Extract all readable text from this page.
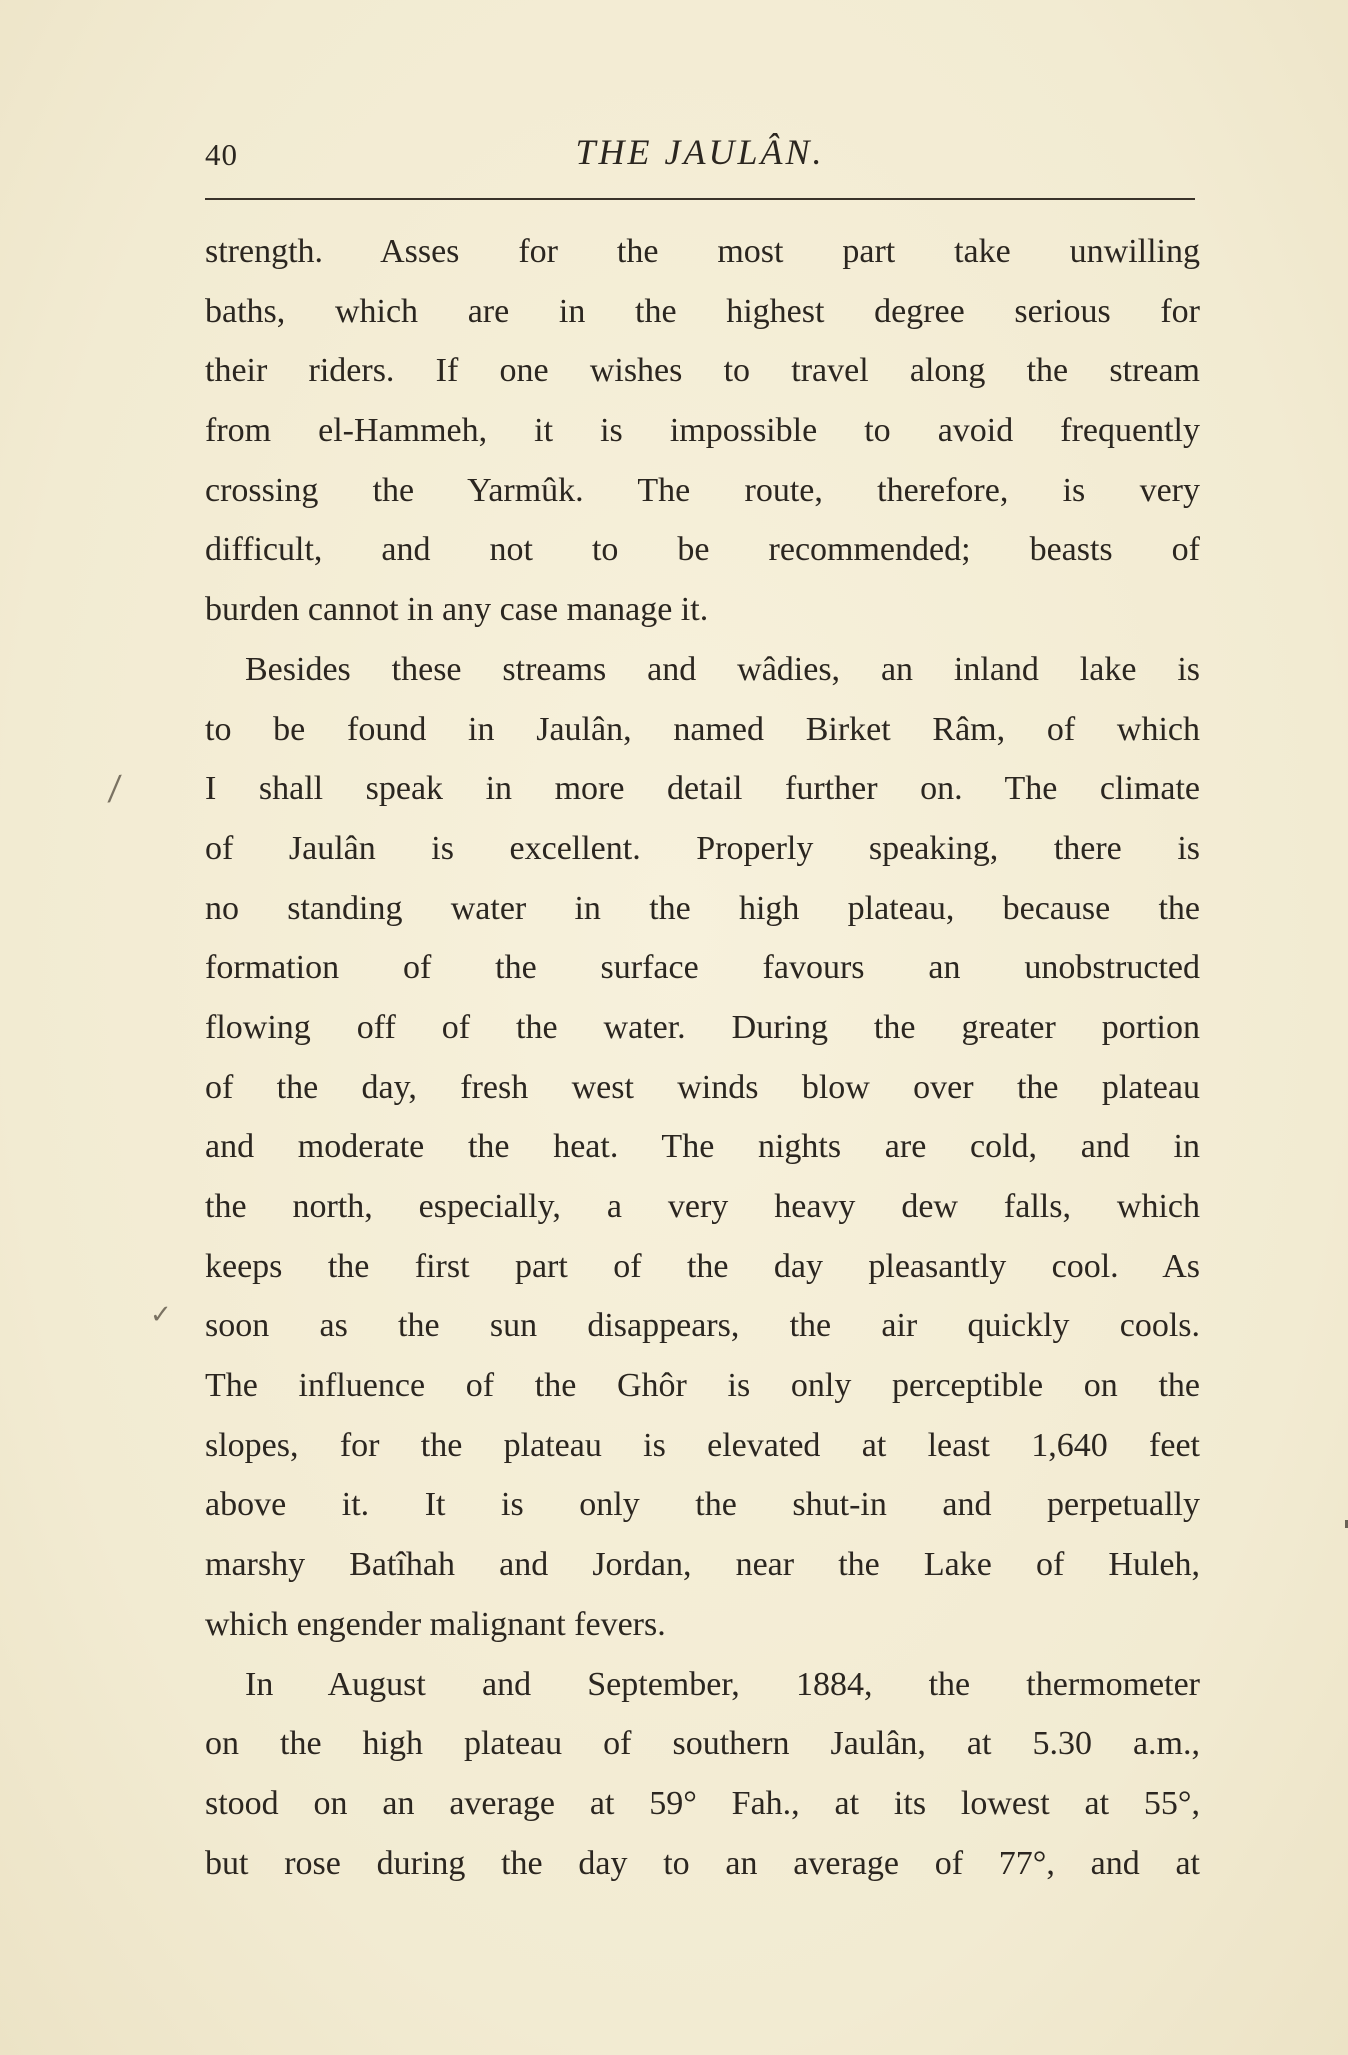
40	THE JAULÂN.
strength. Asses for the most part take unwilling
baths, which are in the highest degree serious for
their riders. If one wishes to travel along the stream
from el-Hammeh, it is impossible to avoid frequently
crossing the Yarmûk. The route, therefore, is very
difficult, and not to be recommended; beasts of
burden cannot in any case manage it.
Besides these streams and wâdies, an inland lake is
to be found in Jaulân, named Birket Râm, of which
I shall speak in more detail further on. The climate
of Jaulân is excellent. Properly speaking, there is
no standing water in the high plateau, because the
formation of the surface favours an unobstructed
flowing off of the water. During the greater portion
of the day, fresh west winds blow over the plateau
and moderate the heat. The nights are cold, and in
the north, especially, a very heavy dew falls, which
keeps the first part of the day pleasantly cool. As
soon as the sun disappears, the air quickly cools.
The influence of the Ghôr is only perceptible on the
slopes, for the plateau is elevated at least 1,640 feet
above it. It is only the shut-in and perpetually
marshy Batîhah and Jordan, near the Lake of Huleh,
which engender malignant fevers.
In August and September, 1884, the thermometer
on the high plateau of southern Jaulân, at 5.30 a.m.,
stood on an average at 59° Fah., at its lowest at 55°,
but rose during the day to an average of 77°, and at
⁄
✓
